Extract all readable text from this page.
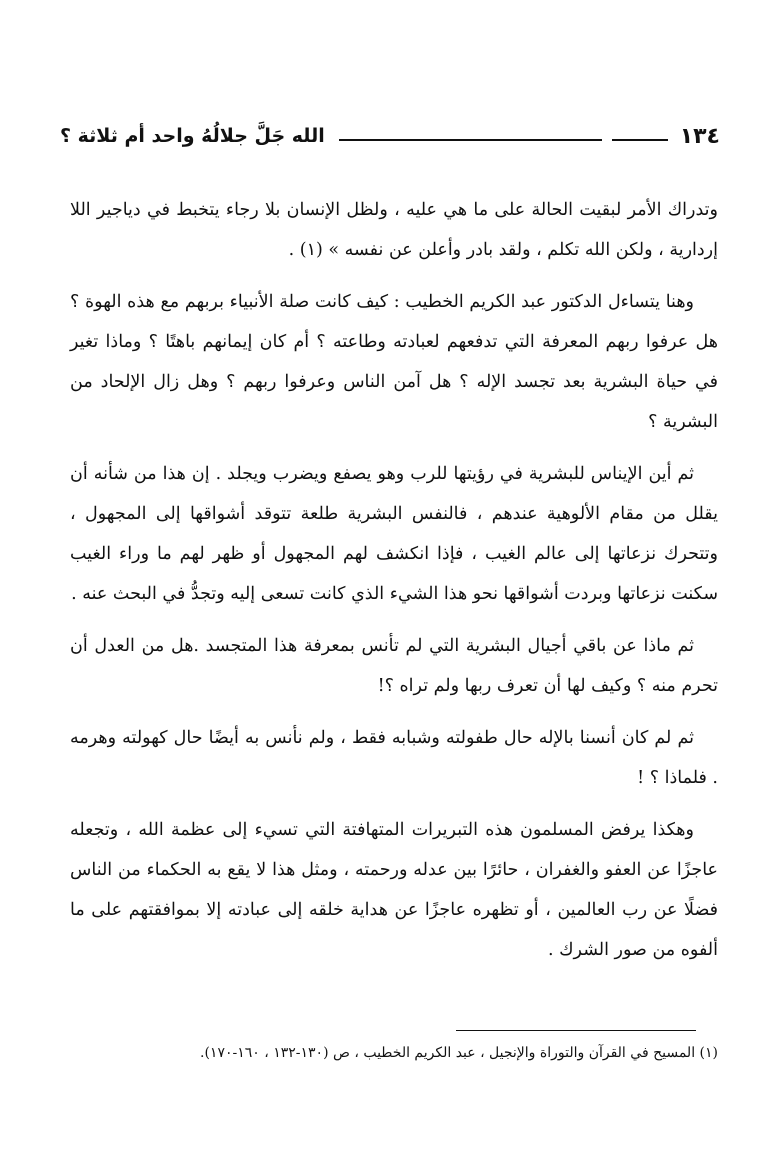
١٣٤
الله جَلَّ جلالُهُ واحد أم ثلاثة ؟

وتدراك الأمر لبقيت الحالة على ما هي عليه ، ولظل الإنسان بلا رجاء يتخبط في دياجير اللا إردارية ، ولكن الله تكلم ، ولقد بادر وأعلن عن نفسه » (١) .

وهنا يتساءل الدكتور عبد الكريم الخطيب : كيف كانت صلة الأنبياء بربهم مع هذه الهوة ؟ هل عرفوا ربهم المعرفة التي تدفعهم لعبادته وطاعته ؟ أم كان إيمانهم باهتًا ؟ وماذا تغير في حياة البشرية بعد تجسد الإله ؟ هل آمن الناس وعرفوا ربهم ؟ وهل زال الإلحاد من البشرية ؟

ثم أين الإيناس للبشرية في رؤيتها للرب وهو يصفع ويضرب ويجلد . إن هذا من شأنه أن يقلل من مقام الألوهية عندهم ، فالنفس البشرية طلعة تتوقد أشواقها إلى المجهول ، وتتحرك نزعاتها إلى عالم الغيب ، فإذا انكشف لهم المجهول أو ظهر لهم ما وراء الغيب سكنت نزعاتها وبردت أشواقها نحو هذا الشيء الذي كانت تسعى إليه وتجدُّ في البحث عنه .

ثم ماذا عن باقي أجيال البشرية التي لم تأنس بمعرفة هذا المتجسد .هل من العدل أن تحرم منه ؟ وكيف لها أن تعرف ربها ولم تراه ؟!

ثم لم كان أنسنا بالإله حال طفولته وشبابه فقط ، ولم نأنس به أيضًا حال كهولته وهرمه . فلماذا ؟ !

وهكذا يرفض المسلمون هذه التبريرات المتهافتة التي تسيء إلى عظمة الله ، وتجعله عاجزًا عن العفو والغفران ، حائرًا بين عدله ورحمته ، ومثل هذا لا يقع به الحكماء من الناس فضلًا عن رب العالمين ، أو تظهره عاجزًا عن هداية خلقه إلى عبادته إلا بموافقتهم على ما ألفوه من صور الشرك .

(١) المسيح في القرآن والتوراة والإنجيل ، عبد الكريم الخطيب ، ص (١٣٠-١٣٢ ، ١٦٠-١٧٠).
